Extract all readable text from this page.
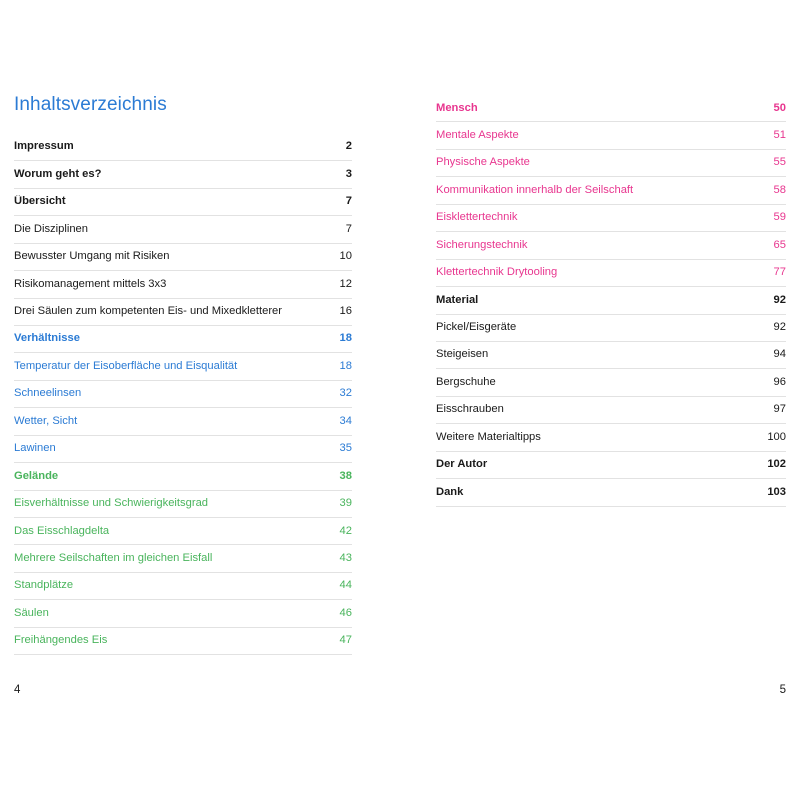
Inhaltsverzeichnis
Impressum	2
Worum geht es?	3
Übersicht	7
Die Disziplinen	7
Bewusster Umgang mit Risiken	10
Risikomanagement mittels 3x3	12
Drei Säulen zum kompetenten Eis- und Mixedkletterer	16
Verhältnisse	18
Temperatur der Eisoberfläche und Eisqualität	18
Schneelinsen	32
Wetter, Sicht	34
Lawinen	35
Gelände	38
Eisverhältnisse und Schwierigkeitsgrad	39
Das Eisschlagdelta	42
Mehrere Seilschaften im gleichen Eisfall	43
Standplätze	44
Säulen	46
Freihängendes Eis	47
4
Mensch	50
Mentale Aspekte	51
Physische Aspekte	55
Kommunikation innerhalb der Seilschaft	58
Eisklettertechnik	59
Sicherungstechnik	65
Klettertechnik Drytooling	77
Material	92
Pickel/Eisgeräte	92
Steigeisen	94
Bergschuhe	96
Eisschrauben	97
Weitere Materialtipps	100
Der Autor	102
Dank	103
5
